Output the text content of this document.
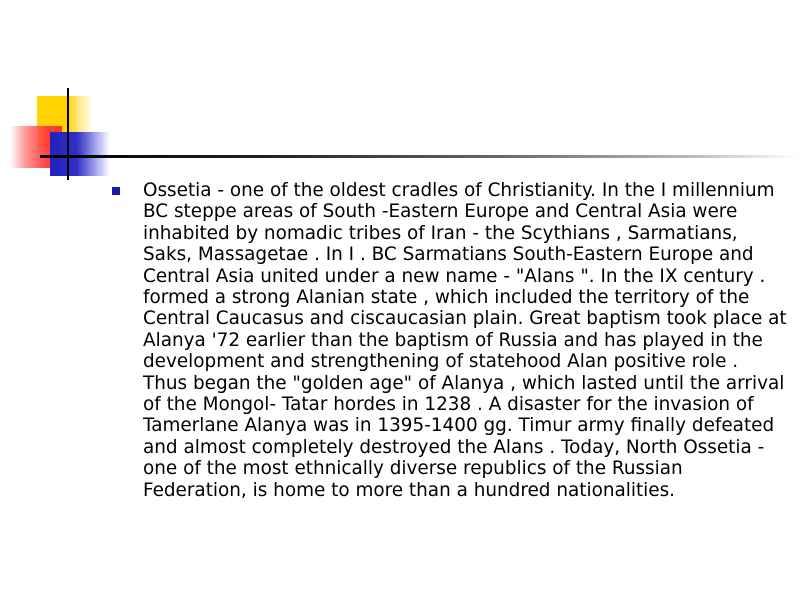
Ossetia - one of the oldest cradles of Christianity. In the I millennium BC steppe areas of South -Eastern Europe and Central Asia were inhabited by nomadic tribes of Iran - the Scythians , Sarmatians, Saks, Massagetae . In I . BC Sarmatians South-Eastern Europe and Central Asia united under a new name - "Alans ". In the IX century . formed a strong Alanian state , which included the territory of the Central Caucasus and ciscaucasian plain. Great baptism took place at Alanya '72 earlier than the baptism of Russia and has played in the development and strengthening of statehood Alan positive role . Thus began the "golden age" of Alanya , which lasted until the arrival of the Mongol- Tatar hordes in 1238 . A disaster for the invasion of Tamerlane Alanya was in 1395-1400 gg. Timur army finally defeated and almost completely destroyed the Alans . Today, North Ossetia - one of the most ethnically diverse republics of the Russian Federation, is home to more than a hundred nationalities.
